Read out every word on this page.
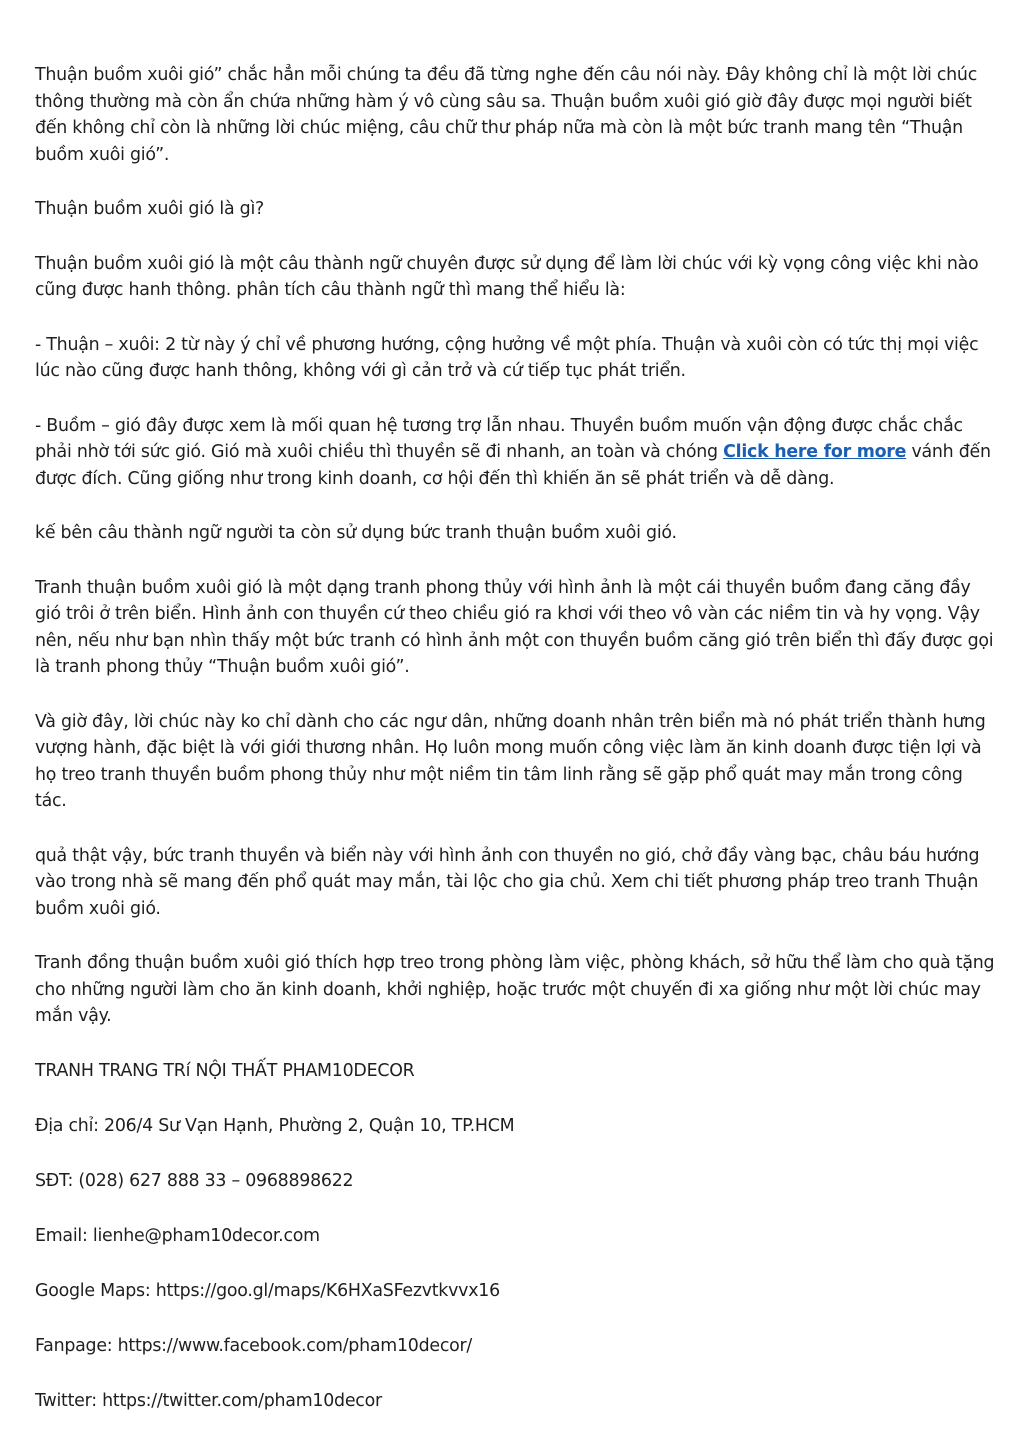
Thuận buồm xuôi gió” chắc hẳn mỗi chúng ta đều đã từng nghe đến câu nói này. Đây không chỉ là một lời chúc thông thường mà còn ẩn chứa những hàm ý vô cùng sâu sa. Thuận buồm xuôi gió giờ đây được mọi người biết đến không chỉ còn là những lời chúc miệng, câu chữ thư pháp nữa mà còn là một bức tranh mang tên “Thuận buồm xuôi gió”.

Thuận buồm xuôi gió là gì?

Thuận buồm xuôi gió là một câu thành ngữ chuyên được sử dụng để làm lời chúc với kỳ vọng công việc khi nào cũng được hanh thông. phân tích câu thành ngữ thì mang thể hiểu là:

- Thuận – xuôi: 2 từ này ý chỉ về phương hướng, cộng hưởng về một phía. Thuận và xuôi còn có tức thị mọi việc lúc nào cũng được hanh thông, không với gì cản trở và cứ tiếp tục phát triển.

- Buồm – gió đây được xem là mối quan hệ tương trợ lẫn nhau. Thuyền buồm muốn vận động được chắc chắc phải nhờ tới sức gió. Gió mà xuôi chiều thì thuyền sẽ đi nhanh, an toàn và chóng Click here for more vánh đến được đích. Cũng giống như trong kinh doanh, cơ hội đến thì khiến ăn sẽ phát triển và dễ dàng.

kế bên câu thành ngữ người ta còn sử dụng bức tranh thuận buồm xuôi gió.

Tranh thuận buồm xuôi gió là một dạng tranh phong thủy với hình ảnh là một cái thuyền buồm đang căng đầy gió trôi ở trên biển. Hình ảnh con thuyền cứ theo chiều gió ra khơi với theo vô vàn các niềm tin và hy vọng. Vậy nên, nếu như bạn nhìn thấy một bức tranh có hình ảnh một con thuyền buồm căng gió trên biển thì đấy được gọi là tranh phong thủy “Thuận buồm xuôi gió”.

Và giờ đây, lời chúc này ko chỉ dành cho các ngư dân, những doanh nhân trên biển mà nó phát triển thành hưng vượng hành, đặc biệt là với giới thương nhân. Họ luôn mong muốn công việc làm ăn kinh doanh được tiện lợi và họ treo tranh thuyền buồm phong thủy như một niềm tin tâm linh rằng sẽ gặp phổ quát may mắn trong công tác.

quả thật vậy, bức tranh thuyền và biển này với hình ảnh con thuyền no gió, chở đầy vàng bạc, châu báu hướng vào trong nhà sẽ mang đến phổ quát may mắn, tài lộc cho gia chủ. Xem chi tiết phương pháp treo tranh Thuận buồm xuôi gió.

Tranh đồng thuận buồm xuôi gió thích hợp treo trong phòng làm việc, phòng khách, sở hữu thể làm cho quà tặng cho những người làm cho ăn kinh doanh, khởi nghiệp, hoặc trước một chuyến đi xa giống như một lời chúc may mắn vậy.

TRANH TRANG TRí NỘI THẤT PHAM10DECOR

Địa chỉ: 206/4 Sư Vạn Hạnh, Phường 2, Quận 10, TP.HCM

SĐT: (028) 627 888 33 – 0968898622

Email: lienhe@pham10decor.com

Google Maps: https://goo.gl/maps/K6HXaSFezvtkvvx16

Fanpage: https://www.facebook.com/pham10decor/

Twitter: https://twitter.com/pham10decor
